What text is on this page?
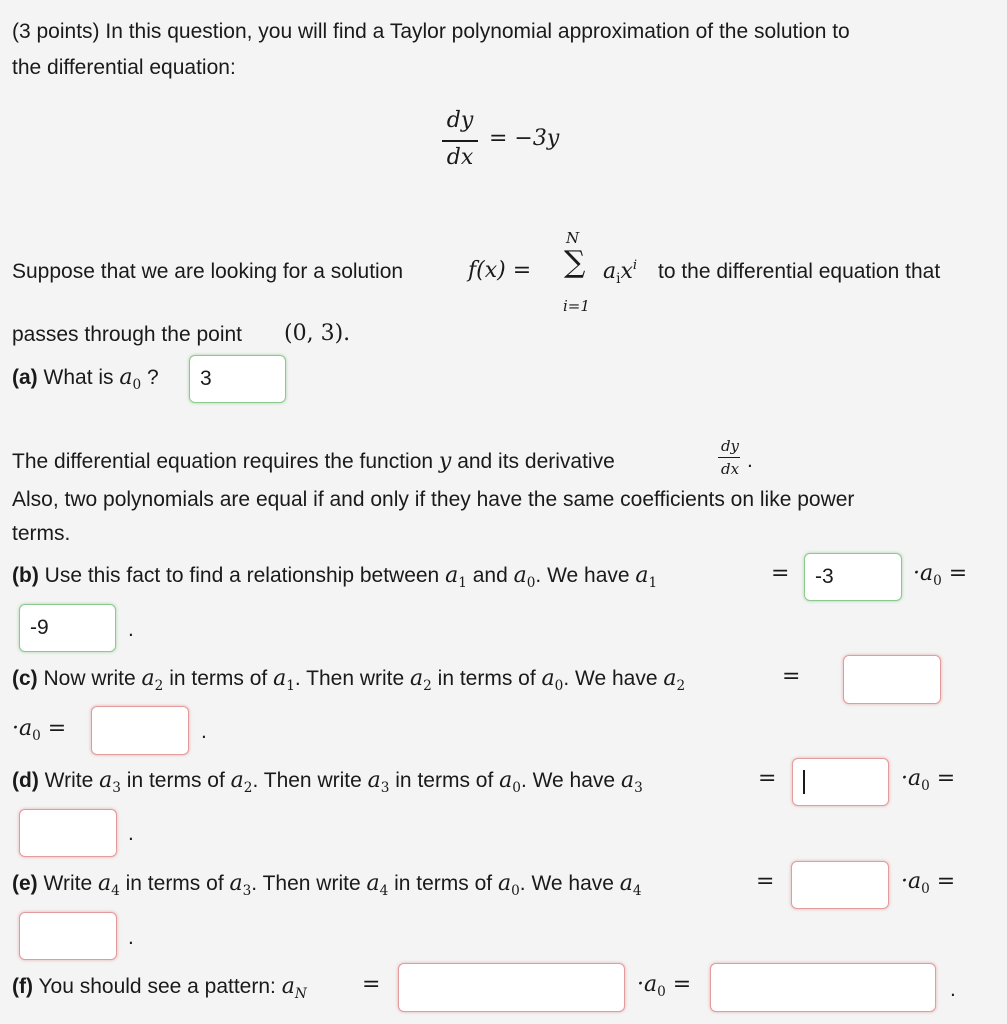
(3 points) In this question, you will find a Taylor polynomial approximation of the solution to
the differential equation:
dy
dx
= −3y
Suppose that we are looking for a solution	f(x) =
N
∑
i=1
$a_ix^i$ to the differential equation that
passes through the point (0, 3).
(a) What is $a_0$ ?	3
The differential equation requires the function y and its derivative
dy
dx .
Also, two polynomials are equal if and only if they have the same coefficients on like power
terms.
(b) Use this fact to find a relationship between $a_1$ and $a_0$. We have $a_1$	=	-3	$\cdot a_0$ =
-9	.
(c) Now write $a_2$ in terms of $a_1$. Then write $a_2$ in terms of $a_0$. We have $a_2$	=
$\cdot a_0$ =	.
(d) Write $a_3$ in terms of $a_2$. Then write $a_3$ in terms of $a_0$. We have $a_3$	=	$\cdot a_0$ =
.
(e) Write $a_4$ in terms of $a_3$. Then write $a_4$ in terms of $a_0$. We have $a_4$	=	$\cdot a_0$ =
.
(f) You should see a pattern: $a_N$	=	$\cdot a_0$ =	.
